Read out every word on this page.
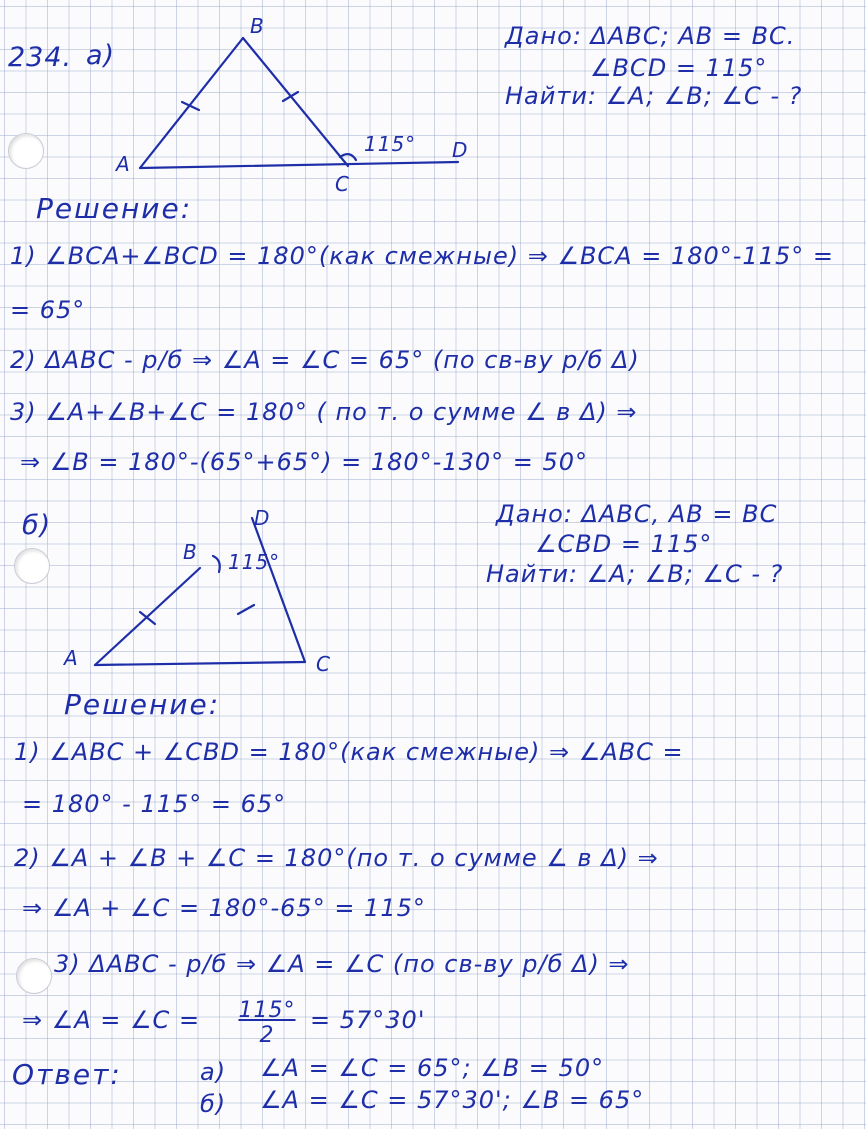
234. а)
B
A
C
D
115°
Дано: ΔABC; AB = BC.
∠BCD = 115°
Найти: ∠A; ∠B; ∠C - ?
Решение:
1) ∠BCA+∠BCD = 180°(как смежные) ⇒ ∠BCA = 180°-115° =
= 65°
2) ΔABC - р/б ⇒ ∠A = ∠C = 65° (по св-ву р/б Δ)
3) ∠A+∠B+∠C = 180° ( по т. о сумме ∠ в Δ) ⇒
⇒ ∠B = 180°-(65°+65°) = 180°-130° = 50°
б)	D
B 115°
A	C
Дано: ΔABC, AB = BC
∠CBD = 115°
Найти: ∠A; ∠B; ∠C - ?
Решение:
1) ∠ABC + ∠CBD = 180°(как смежные) ⇒ ∠ABC =
= 180° - 115° = 65°
2) ∠A + ∠B + ∠C = 180°(по т. о сумме ∠ в Δ) ⇒
⇒ ∠A + ∠C = 180°-65° = 115°
3) ΔABC - р/б ⇒ ∠A = ∠C (по св-ву р/б Δ) ⇒
⇒ ∠A = ∠C = $\frac{115^\circ}{2} = 57^\circ 30'$
Ответ:	а) ∠A = ∠C = 65°; ∠B = 50°
б) ∠A = ∠C = 57°30'; ∠B = 65°
